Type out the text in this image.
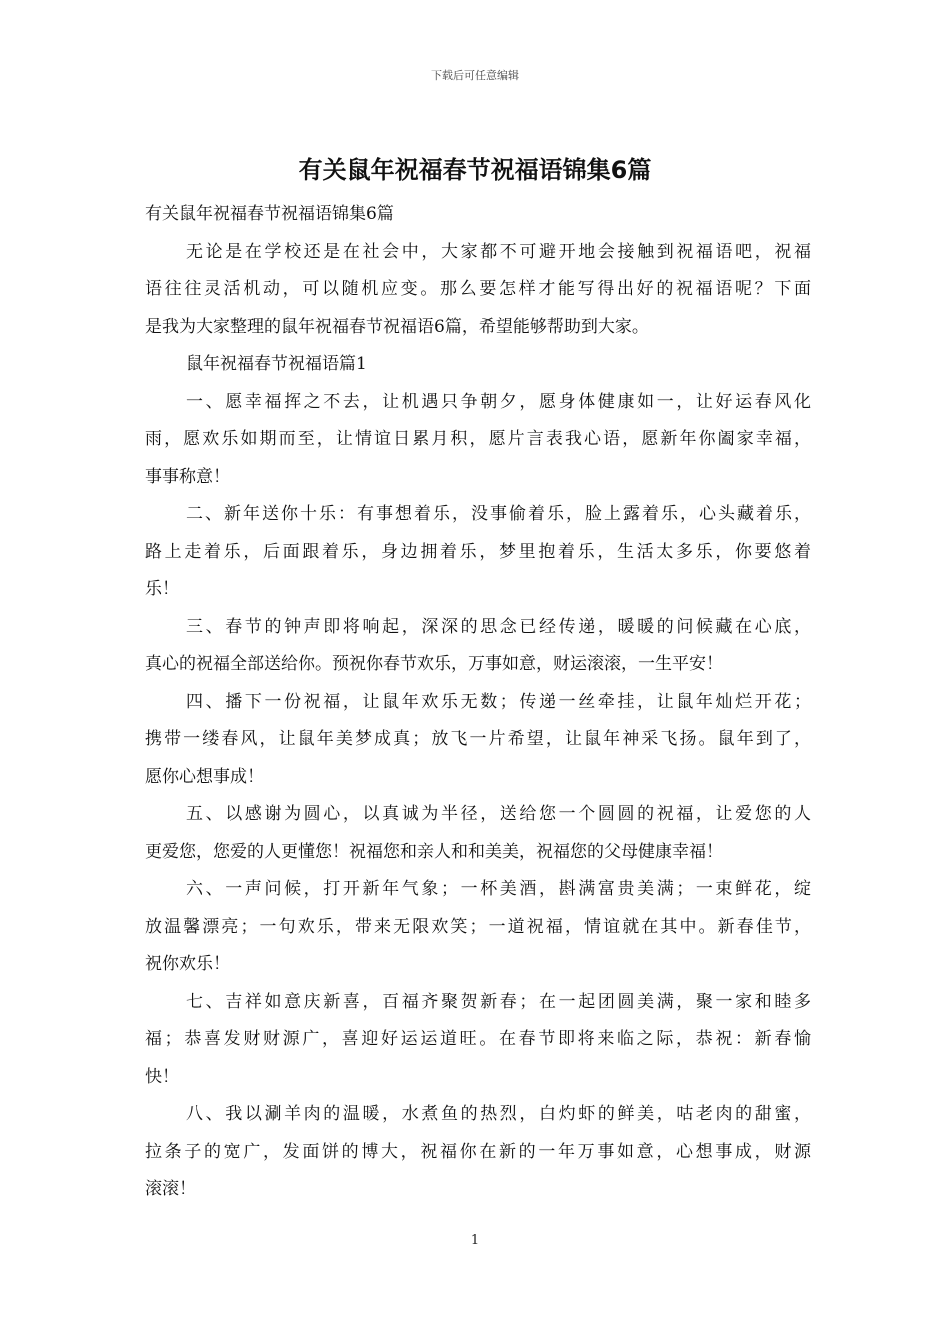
下载后可任意编辑
有关鼠年祝福春节祝福语锦集6篇
有关鼠年祝福春节祝福语锦集6篇
无论是在学校还是在社会中，大家都不可避开地会接触到祝福语吧，祝福
语往往灵活机动，可以随机应变。那么要怎样才能写得出好的祝福语呢？下面
是我为大家整理的鼠年祝福春节祝福语6篇，希望能够帮助到大家。
鼠年祝福春节祝福语篇1
一、愿幸福挥之不去，让机遇只争朝夕，愿身体健康如一，让好运春风化
雨，愿欢乐如期而至，让情谊日累月积，愿片言表我心语，愿新年你阖家幸福，
事事称意！
二、新年送你十乐：有事想着乐，没事偷着乐，脸上露着乐，心头藏着乐，
路上走着乐，后面跟着乐，身边拥着乐，梦里抱着乐，生活太多乐，你要悠着
乐！
三、春节的钟声即将响起，深深的思念已经传递，暖暖的问候藏在心底，
真心的祝福全部送给你。预祝你春节欢乐，万事如意，财运滚滚，一生平安！
四、播下一份祝福，让鼠年欢乐无数；传递一丝牵挂，让鼠年灿烂开花；
携带一缕春风，让鼠年美梦成真；放飞一片希望，让鼠年神采飞扬。鼠年到了，
愿你心想事成！
五、以感谢为圆心，以真诚为半径，送给您一个圆圆的祝福，让爱您的人
更爱您，您爱的人更懂您！祝福您和亲人和和美美，祝福您的父母健康幸福！
六、一声问候，打开新年气象；一杯美酒，斟满富贵美满；一束鲜花，绽
放温馨漂亮；一句欢乐，带来无限欢笑；一道祝福，情谊就在其中。新春佳节，
祝你欢乐！
七、吉祥如意庆新喜，百福齐聚贺新春；在一起团圆美满，聚一家和睦多
福；恭喜发财财源广，喜迎好运运道旺。在春节即将来临之际，恭祝：新春愉
快！
八、我以涮羊肉的温暖，水煮鱼的热烈，白灼虾的鲜美，咕老肉的甜蜜，
拉条子的宽广，发面饼的博大，祝福你在新的一年万事如意，心想事成，财源
滚滚！
1
